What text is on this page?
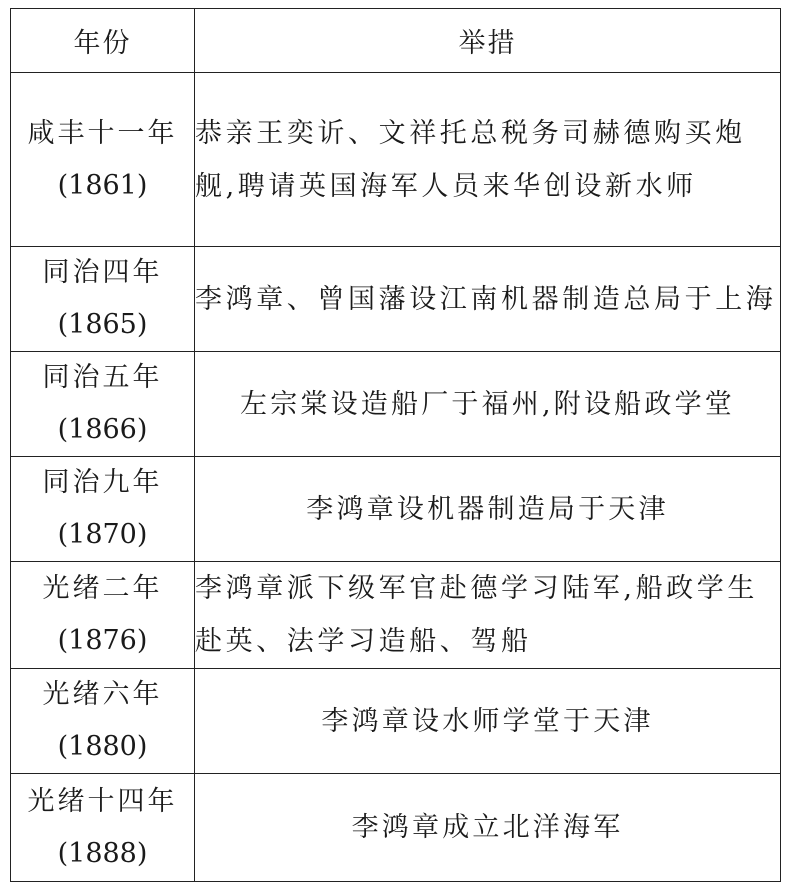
年份	举措

咸丰十一年
(1861)	恭亲王奕䜣、文祥托总税务司赫德购买炮舰,聘请英国海军人员来华创设新水师

同治四年
(1865)	李鸿章、曾国藩设江南机器制造总局于上海

同治五年
(1866)	左宗棠设造船厂于福州,附设船政学堂

同治九年
(1870)	李鸿章设机器制造局于天津

光绪二年
(1876)	李鸿章派下级军官赴德学习陆军,船政学生赴英、法学习造船、驾船

光绪六年
(1880)	李鸿章设水师学堂于天津

光绪十四年
(1888)	李鸿章成立北洋海军
